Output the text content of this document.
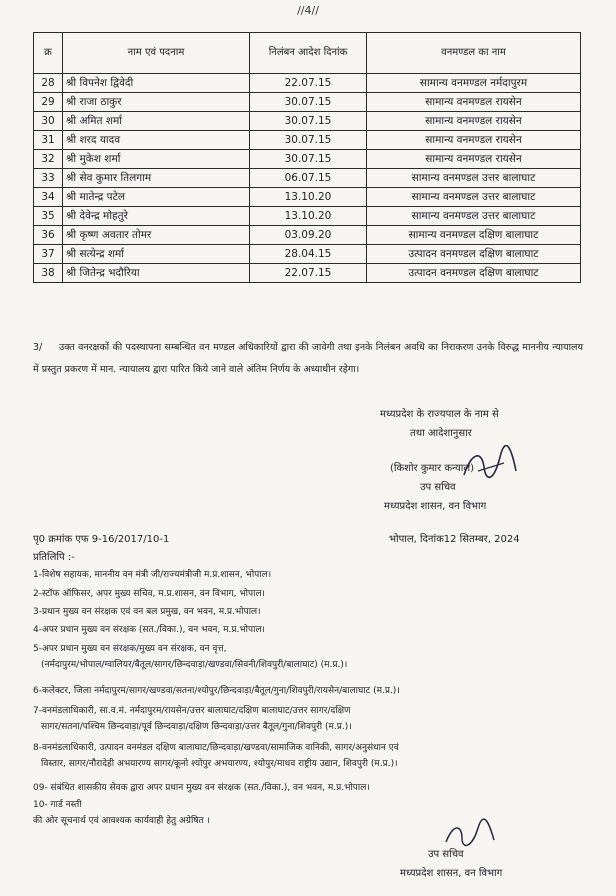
//4//
क्र	नाम एवं पदनाम	निलंबन आदेश दिनांक	वनमण्डल का नाम
28	श्री विपनेश द्विवेदी	22.07.15	सामान्य वनमण्डल नर्मदापुरम
29	श्री राजा ठाकुर	30.07.15	सामान्य वनमण्डल रायसेन
30	श्री अमित शर्मा	30.07.15	सामान्य वनमण्डल रायसेन
31	श्री शरद यादव	30.07.15	सामान्य वनमण्डल रायसेन
32	श्री मुकेश शर्मा	30.07.15	सामान्य वनमण्डल रायसेन
33	श्री सेव कुमार तिलगाम	06.07.15	सामान्य वनमण्डल उत्तर बालाघाट
34	श्री मातेन्द्र पटेल	13.10.20	सामान्य वनमण्डल उत्तर बालाघाट
35	श्री देवेन्द्र मोहतुरे	13.10.20	सामान्य वनमण्डल उत्तर बालाघाट
36	श्री कृष्ण अवतार तोमर	03.09.20	सामान्य वनमण्डल दक्षिण बालाघाट
37	श्री सत्येन्द्र शर्मा	28.04.15	उत्पादन वनमण्डल दक्षिण बालाघाट
38	श्री जितेन्द्र भदौरिया	22.07.15	उत्पादन वनमण्डल दक्षिण बालाघाट
3/ उक्त वनरक्षकों की पदस्थापना सम्बन्धित वन मण्डल अधिकारियों द्वारा की जावेगी तथा इनके निलंबन अवधि का निराकरण उनके विरुद्ध माननीय न्यायालय में प्रस्तुत प्रकरण में मान. न्यायालय द्वारा पारित किये जाने वाले अंतिम निर्णय के अध्याधीन रहेगा।
मध्यप्रदेश के राज्यपाल के नाम से
तथा आदेशानुसार
(किशोर कुमार कन्याल)
उप सचिव
मध्यप्रदेश शासन, वन विभाग
पृ0 क्रमांक एफ 9-16/2017/10-1	भोपाल, दिनांक12 सितम्बर, 2024
प्रतिलिपि :-
1-विशेष सहायक, माननीय वन मंत्री जी/राज्यमंत्रीजी म.प्र.शासन, भोपाल।
2-स्टॉफ ऑफिसर, अपर मुख्य सचिव, म.प्र.शासन, वन विभाग, भोपाल।
3-प्रधान मुख्य वन संरक्षक एवं वन बल प्रमुख, वन भवन, म.प्र.भोपाल।
4-अपर प्रधान मुख्य वन संरक्षक (सत./विका.), वन भवन, म.प्र.भोपाल।
5-अपर प्रधान मुख्य वन संरक्षक/मुख्य वन संरक्षक, वन वृत्त,
(नर्मदापुरम/भोपाल/ग्वालियर/बैतूल/सागर/छिन्दवाड़ा/खण्डवा/सिवनी/शिवपुरी/बालाघाट) (म.प्र.)।
6-कलेक्टर, जिला नर्मदापुरम/सागर/खण्डवा/सतना/श्योपुर/छिन्दवाड़ा/बैतूल/गुना/शिवपुरी/रायसेन/बालाघाट (म.प्र.)।
7-वनमंडलाधिकारी, सा.व.मं. नर्मदापुरम/रायसेन/उत्तर बालाघाट/दक्षिण बालाघाट/उत्तर सागर/दक्षिण
सागर/सतना/पश्चिम छिन्दवाड़ा/पूर्व छिन्दवाड़ा/दक्षिण छिन्दवाड़ा/उत्तर बैतूल/गुना/शिवपुरी (म.प्र.)।
8-वनमंडलाधिकारी, उत्पादन वनमंडल दक्षिण बालाघाट/छिन्दवाड़ा/खण्डवा/सामाजिक वानिकी, सागर/अनुसंधान एवं
विस्तार, सागर/नौरादेही अभयारण्य सागर/कूनो श्योपुर अभयारण्य, श्योपुर/माधव राष्ट्रीय उद्यान, शिवपुरी (म.प्र.)।
09- संबंधित शासकीय सेवक द्वारा अपर प्रधान मुख्य वन संरक्षक (सत./विका.), वन भवन, म.प्र.भोपाल।
10- गार्ड नस्ती
की ओर सूचनार्थ एवं आवश्यक कार्यवाही हेतु अग्रेषित ।
उप सचिव
मध्यप्रदेश शासन, वन विभाग
